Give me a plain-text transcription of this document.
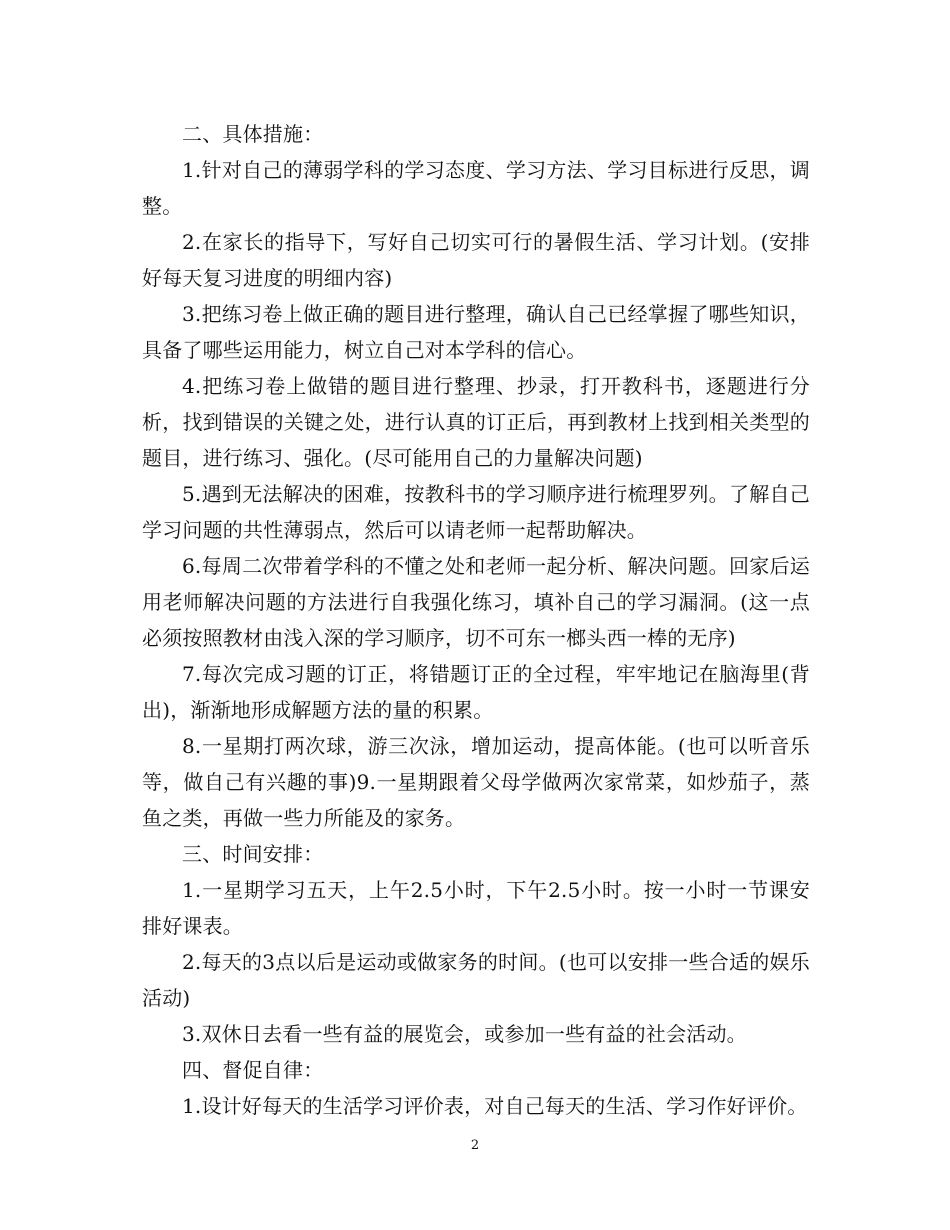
二、具体措施：

1.针对自己的薄弱学科的学习态度、学习方法、学习目标进行反思，调整。

2.在家长的指导下，写好自己切实可行的暑假生活、学习计划。(安排好每天复习进度的明细内容)

3.把练习卷上做正确的题目进行整理，确认自己已经掌握了哪些知识，具备了哪些运用能力，树立自己对本学科的信心。

4.把练习卷上做错的题目进行整理、抄录，打开教科书，逐题进行分析，找到错误的关键之处，进行认真的订正后，再到教材上找到相关类型的题目，进行练习、强化。(尽可能用自己的力量解决问题)

5.遇到无法解决的困难，按教科书的学习顺序进行梳理罗列。了解自己学习问题的共性薄弱点，然后可以请老师一起帮助解决。

6.每周二次带着学科的不懂之处和老师一起分析、解决问题。回家后运用老师解决问题的方法进行自我强化练习，填补自己的学习漏洞。(这一点必须按照教材由浅入深的学习顺序，切不可东一榔头西一棒的无序)

7.每次完成习题的订正，将错题订正的全过程，牢牢地记在脑海里(背出)，渐渐地形成解题方法的量的积累。

8.一星期打两次球，游三次泳，增加运动，提高体能。(也可以听音乐等，做自己有兴趣的事)9.一星期跟着父母学做两次家常菜，如炒茄子，蒸鱼之类，再做一些力所能及的家务。

三、时间安排：

1.一星期学习五天，上午2.5小时，下午2.5小时。按一小时一节课安排好课表。

2.每天的3点以后是运动或做家务的时间。(也可以安排一些合适的娱乐活动)

3.双休日去看一些有益的展览会，或参加一些有益的社会活动。

四、督促自律：

1.设计好每天的生活学习评价表，对自己每天的生活、学习作好评价。

2
